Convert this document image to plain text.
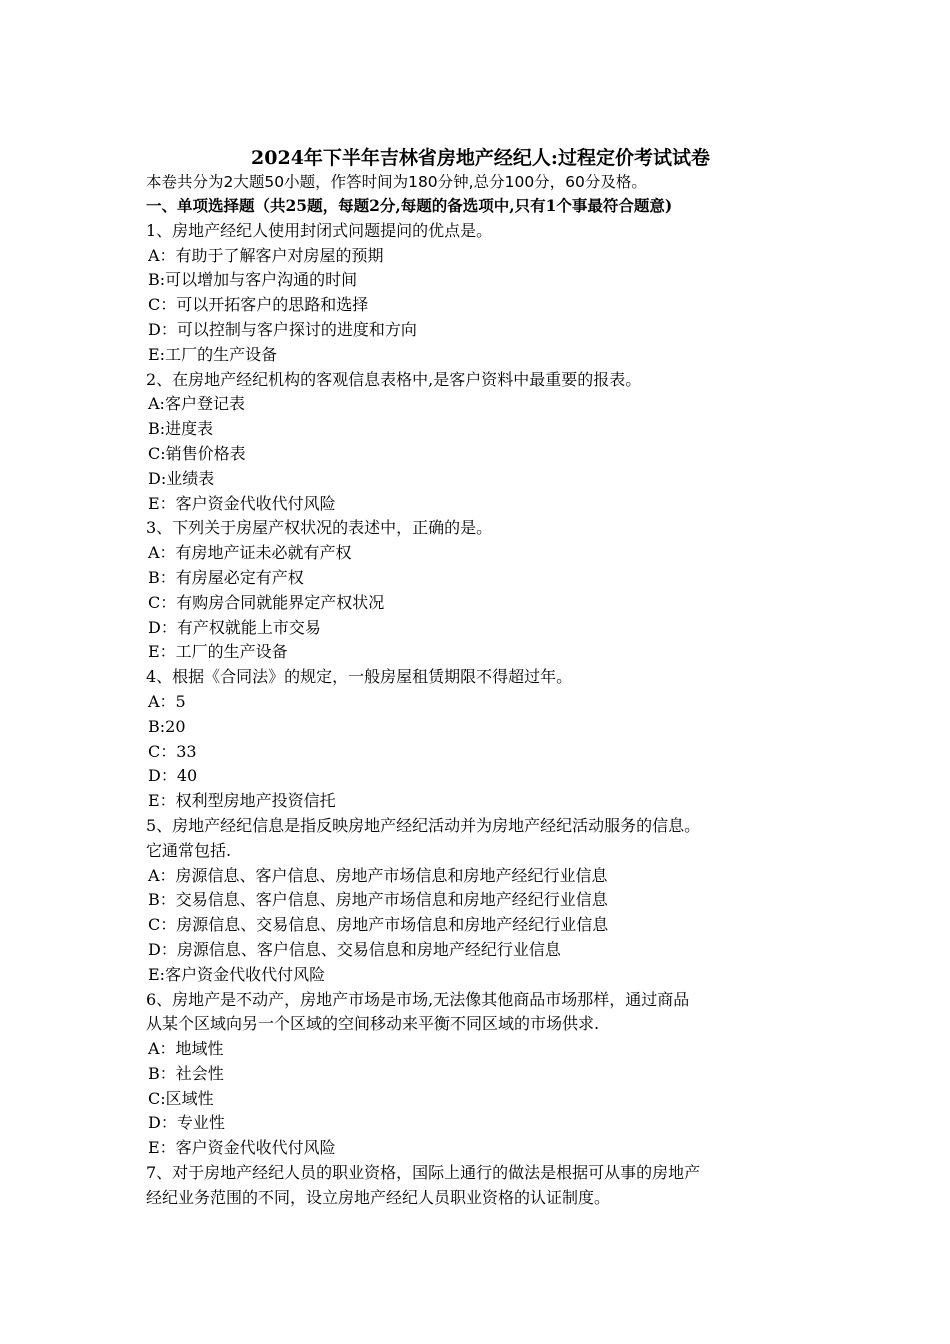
2024年下半年吉林省房地产经纪人:过程定价考试试卷

本卷共分为2大题50小题，作答时间为180分钟,总分100分，60分及格。

一、单项选择题（共25题，每题2分,每题的备选项中,只有1个事最符合题意)

1、房地产经纪人使用封闭式问题提问的优点是。

A：有助于了解客户对房屋的预期

B:可以增加与客户沟通的时间

C：可以开拓客户的思路和选择

D：可以控制与客户探讨的进度和方向

E:工厂的生产设备

2、在房地产经纪机构的客观信息表格中,是客户资料中最重要的报表。

A:客户登记表

B:进度表

C:销售价格表

D:业绩表

E：客户资金代收代付风险

3、下列关于房屋产权状况的表述中，正确的是。

A：有房地产证未必就有产权

B：有房屋必定有产权

C：有购房合同就能界定产权状况

D：有产权就能上市交易

E：工厂的生产设备

4、根据《合同法》的规定，一般房屋租赁期限不得超过年。

A：5

B:20

C：33

D：40

E：权利型房地产投资信托

5、房地产经纪信息是指反映房地产经纪活动并为房地产经纪活动服务的信息。

它通常包括.

A：房源信息、客户信息、房地产市场信息和房地产经纪行业信息

B：交易信息、客户信息、房地产市场信息和房地产经纪行业信息

C：房源信息、交易信息、房地产市场信息和房地产经纪行业信息

D：房源信息、客户信息、交易信息和房地产经纪行业信息

E:客户资金代收代付风险

6、房地产是不动产，房地产市场是市场,无法像其他商品市场那样，通过商品

从某个区域向另一个区域的空间移动来平衡不同区域的市场供求.

A：地域性

B：社会性

C:区域性

D：专业性

E：客户资金代收代付风险

7、对于房地产经纪人员的职业资格，国际上通行的做法是根据可从事的房地产

经纪业务范围的不同，设立房地产经纪人员职业资格的认证制度。
